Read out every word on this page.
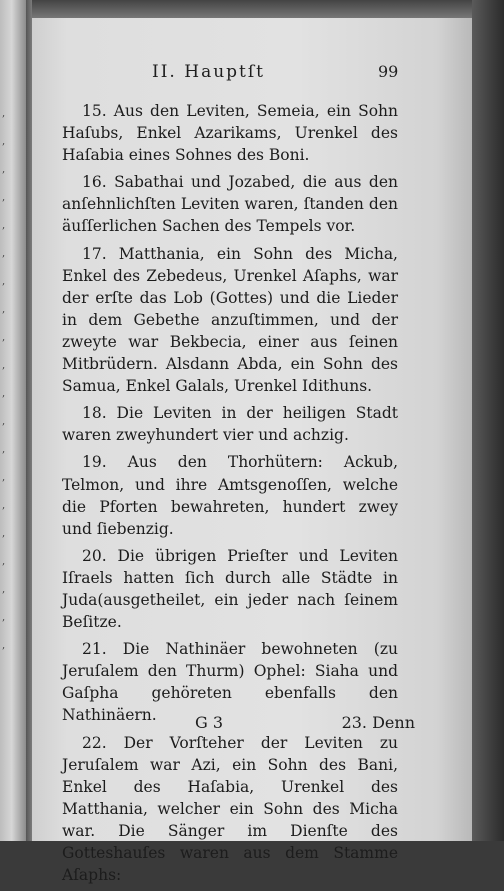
,
,
,
,
,
,
,
,
,
,
,
,
,
,
,
,
,
,
,
,
II. Hauptſt	99

15. Aus den Leviten, Semeia, ein Sohn Haſubs, Enkel Azarikams, Urenkel des Haſabia eines Sohnes des Boni.

16. Sabathai und Jozabed, die aus den anſehnlichſten Leviten waren, ſtanden den äuſſerlichen Sachen des Tempels vor.

17. Matthania, ein Sohn des Micha, Enkel des Zebedeus, Urenkel Aſaphs, war der erſte das Lob (Gottes) und die Lieder in dem Gebethe anzuſtimmen, und der zweyte war Bekbecia, einer aus ſeinen Mitbrüdern. Alsdann Abda, ein Sohn des Samua, Enkel Galals, Urenkel Idithuns.

18. Die Leviten in der heiligen Stadt waren zweyhundert vier und achzig.

19. Aus den Thorhütern: Ackub, Telmon, und ihre Amtsgenoſſen, welche die Pforten bewahreten, hundert zwey und ſiebenzig.

20. Die übrigen Prieſter und Leviten Iſraels hatten ſich durch alle Städte in Juda(ausgetheilet, ein jeder nach ſeinem Beſitze.

21. Die Nathinäer bewohneten (zu Jeruſalem den Thurm) Ophel: Siaha und Gaſpha gehöreten ebenfalls den Nathinäern.

22. Der Vorſteher der Leviten zu Jeruſalem war Azi, ein Sohn des Bani, Enkel des Haſabia, Urenkel des Matthania, welcher ein Sohn des Micha war. Die Sänger im Dienſte des Gotteshauſes waren aus dem Stamme Aſaphs:

G 3	23. Denn
